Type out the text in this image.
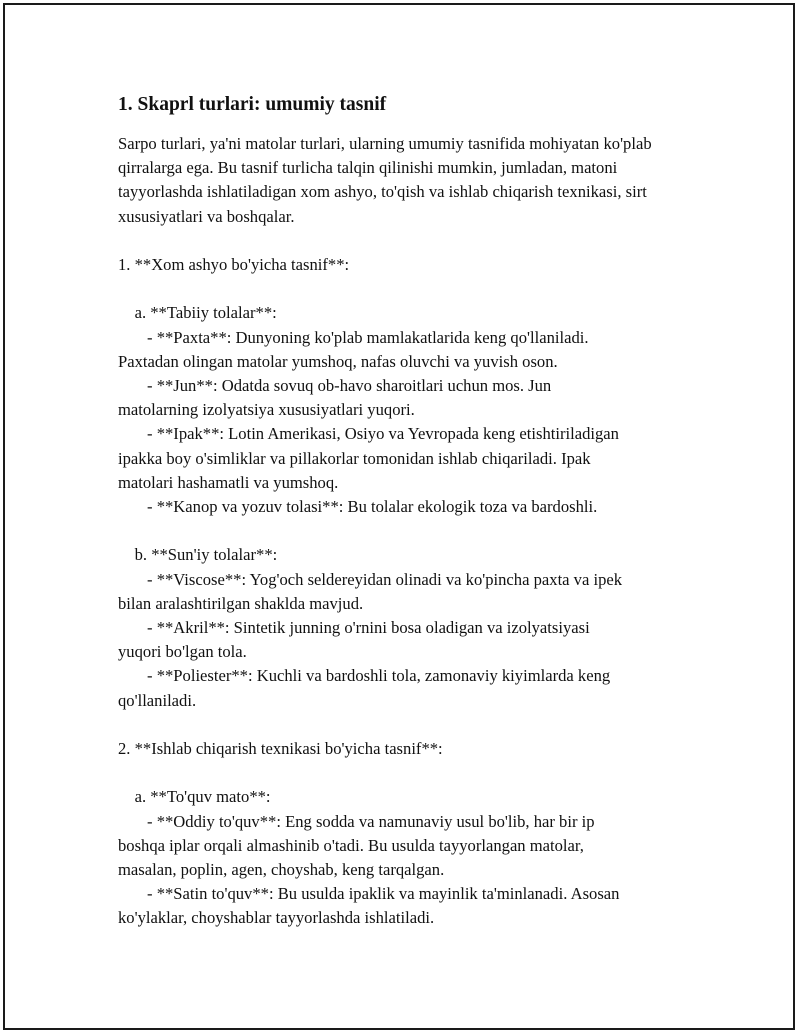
1. Skaprl turlari: umumiy tasnif

Sarpo turlari, ya'ni matolar turlari, ularning umumiy tasnifida mohiyatan ko'plab qirralarga ega. Bu tasnif turlicha talqin qilinishi mumkin, jumladan, matoni tayyorlashda ishlatiladigan xom ashyo, to'qish va ishlab chiqarish texnikasi, sirt xususiyatlari va boshqalar.

1. **Xom ashyo bo'yicha tasnif**:
a. **Tabiiy tolalar**:
- **Paxta**: Dunyoning ko'plab mamlakatlarida keng qo'llaniladi.
Paxtadan olingan matolar yumshoq, nafas oluvchi va yuvish oson.
- **Jun**: Odatda sovuq ob-havo sharoitlari uchun mos. Jun
matolarning izolyatsiya xususiyatlari yuqori.
- **Ipak**: Lotin Amerikasi, Osiyo va Yevropada keng etishtiriladigan
ipakka boy o'simliklar va pillakorlar tomonidan ishlab chiqariladi. Ipak
matolari hashamatli va yumshoq.
- **Kanop va yozuv tolasi**: Bu tolalar ekologik toza va bardoshli.
b. **Sun'iy tolalar**:
- **Viscose**: Yog'och seldereyidan olinadi va ko'pincha paxta va ipek
bilan aralashtirilgan shaklda mavjud.
- **Akril**: Sintetik junning o'rnini bosa oladigan va izolyatsiyasi
yuqori bo'lgan tola.
- **Poliester**: Kuchli va bardoshli tola, zamonaviy kiyimlarda keng
qo'llaniladi.
2. **Ishlab chiqarish texnikasi bo'yicha tasnif**:
a. **To'quv mato**:
- **Oddiy to'quv**: Eng sodda va namunaviy usul bo'lib, har bir ip
boshqa iplar orqali almashinib o'tadi. Bu usulda tayyorlangan matolar,
masalan, poplin, agen, choyshab, keng tarqalgan.
- **Satin to'quv**: Bu usulda ipaklik va mayinlik ta'minlanadi. Asosan
ko'ylaklar, choyshablar tayyorlashda ishlatiladi.
